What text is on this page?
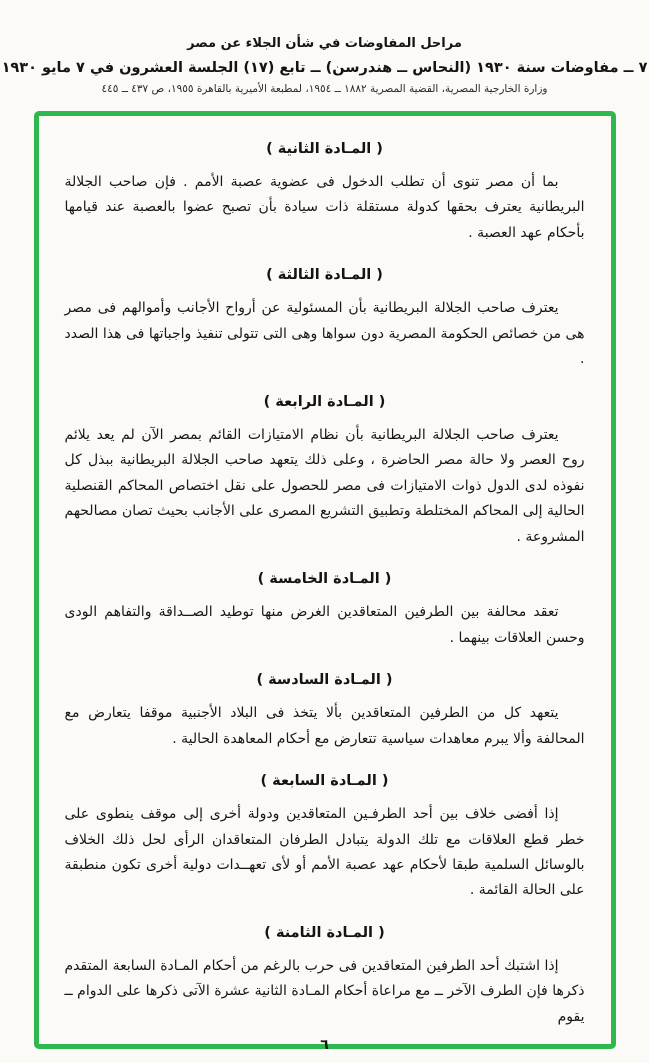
مراحل المفاوضات في شأن الجلاء عن مصر
٧ ــ مفاوضات سنة ١٩٣٠ (النحاس ــ هندرسن) ــ تابع (١٧) الجلسة العشرون في ٧ مايو ١٩٣٠
وزارة الخارجية المصرية، القضية المصرية ١٨٨٢ ــ ١٩٥٤، لمطبعة الأميرية بالقاهرة ١٩٥٥، ص ٤٣٧ ــ ٤٤٥
( المـادة الثانية )
بما أن مصر تنوى أن تطلب الدخول فى عضوية عصبة الأمم . فإن صاحب الجلالة البريطانية يعترف بحقها كدولة مستقلة ذات سيادة بأن تصبح عضوا بالعصبة عند قيامها بأحكام عهد العصبة .
( المـادة الثالثة )
يعترف صاحب الجلالة البريطانية بأن المسئولية عن أرواح الأجانب وأموالهم فى مصر هى من خصائص الحكومة المصرية دون سواها وهى التى تتولى تنفيذ واجباتها فى هذا الصدد .
( المـادة الرابعة )
يعترف صاحب الجلالة البريطانية بأن نظام الامتيازات القائم بمصر الآن لم يعد يلائم روح العصر ولا حالة مصر الحاضرة ، وعلى ذلك يتعهد صاحب الجلالة البريطانية ببذل كل نفوذه لدى الدول ذوات الامتيازات فى مصر للحصول على نقل اختصاص المحاكم القنصلية الحالية إلى المحاكم المختلطة وتطبيق التشريع المصرى على الأجانب بحيث تصان مصالحهم المشروعة .
( المـادة الخامسة )
تعقد محالفة بين الطرفين المتعاقدين الغرض منها توطيد الصــداقة والتفاهم الودى وحسن العلاقات بينهما .
( المـادة السادسة )
يتعهد كل من الطرفين المتعاقدين بألا يتخذ فى البلاد الأجنبية موقفا يتعارض مع المحالفة وألا يبرم معاهدات سياسية تتعارض مع أحكام المعاهدة الحالية .
( المـادة السابعة )
إذا أفضى خلاف بين أحد الطرفـين المتعاقدين ودولة أخرى إلى موقف ينطوى على خطر قطع العلاقات مع تلك الدولة يتبادل الطرفان المتعاقدان الرأى لحل ذلك الخلاف بالوسائل السلمية طبقا لأحكام عهد عصبة الأمم أو لأى تعهــدات دولية أخرى تكون منطبقة على الحالة القائمة .
( المـادة الثامنة )
إذا اشتبك أحد الطرفين المتعاقدين فى حرب بالرغم من أحكام المـادة السابعة المتقدم ذكرها فإن الطرف الآخر ــ مع مراعاة أحكام المـادة الثانية عشرة الآتى ذكرها على الدوام ــ يقوم
٦
